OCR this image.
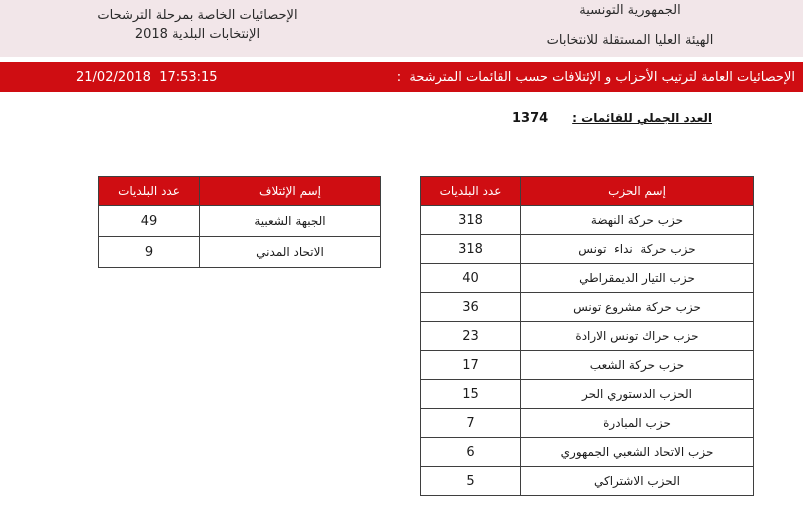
الإحصائيات الخاصة بمرحلة الترشحات
الإنتخابات البلدية 2018
الجمهورية التونسية
الهيئة العليا المستقلة للانتخابات
21/02/2018  17:53:15	الإحصائيات العامة لترتيب الأحزاب و الإئتلافات حسب القائمات المترشحة  :
العدد الجملي للقائمات :
1374
عدد البلديات	إسم الإئتلاف
49	الجبهة الشعبية
9	الاتحاد المدني
عدد البلديات	إسم الحزب
318	حزب حركة النهضة
318	حزب حركة  نداء  تونس
40	حزب التيار الديمقراطي
36	حزب حركة مشروع تونس
23	حزب حراك تونس الارادة
17	حزب حركة الشعب
15	الحزب الدستوري الحر
7	حزب المبادرة
6	حزب الاتحاد الشعبي الجمهوري
5	الحزب الاشتراكي
